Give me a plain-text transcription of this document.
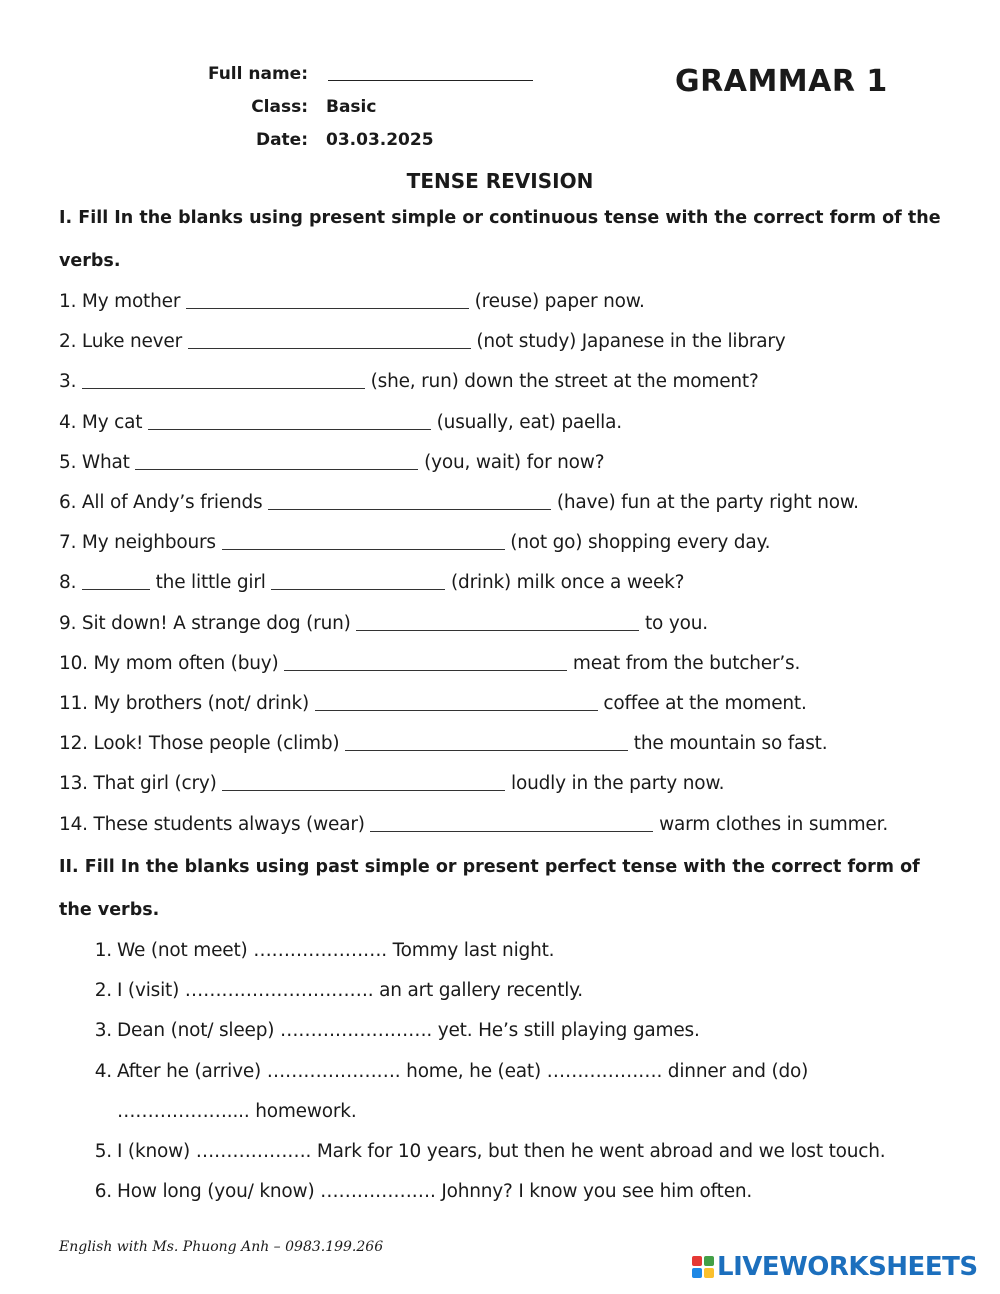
Full name:
Class: Basic
Date: 03.03.2025
GRAMMAR 1
TENSE REVISION
I. Fill In the blanks using present simple or continuous tense with the correct form of the
verbs.
1. My mother	(reuse) paper now.
2. Luke never	(not study) Japanese in the library
3.	(she, run) down the street at the moment?
4. My cat	(usually, eat) paella.
5. What	(you, wait) for now?
6. All of Andy’s friends	(have) fun at the party right now.
7. My neighbours	(not go) shopping every day.
8.	the little girl	(drink) milk once a week?
9. Sit down! A strange dog (run)	to you.
10. My mom often (buy)	meat from the butcher’s.
11. My brothers (not/ drink)	coffee at the moment.
12. Look! Those people (climb)	the mountain so fast.
13. That girl (cry)	loudly in the party now.
14. These students always (wear)	warm clothes in summer.
II. Fill In the blanks using past simple or present perfect tense with the correct form of
the verbs.
1. We (not meet) …………………. Tommy last night.
2. I (visit) …………………………. an art gallery recently.
3. Dean (not/ sleep) ……………………. yet. He’s still playing games.
4. After he (arrive) …………………. home, he (eat) ………………. dinner and (do)
……………….... homework.
5. I (know) ………………. Mark for 10 years, but then he went abroad and we lost touch.
6. How long (you/ know) ………………. Johnny? I know you see him often.
English with Ms. Phuong Anh – 0983.199.266
LIVEWORKSHEETS
